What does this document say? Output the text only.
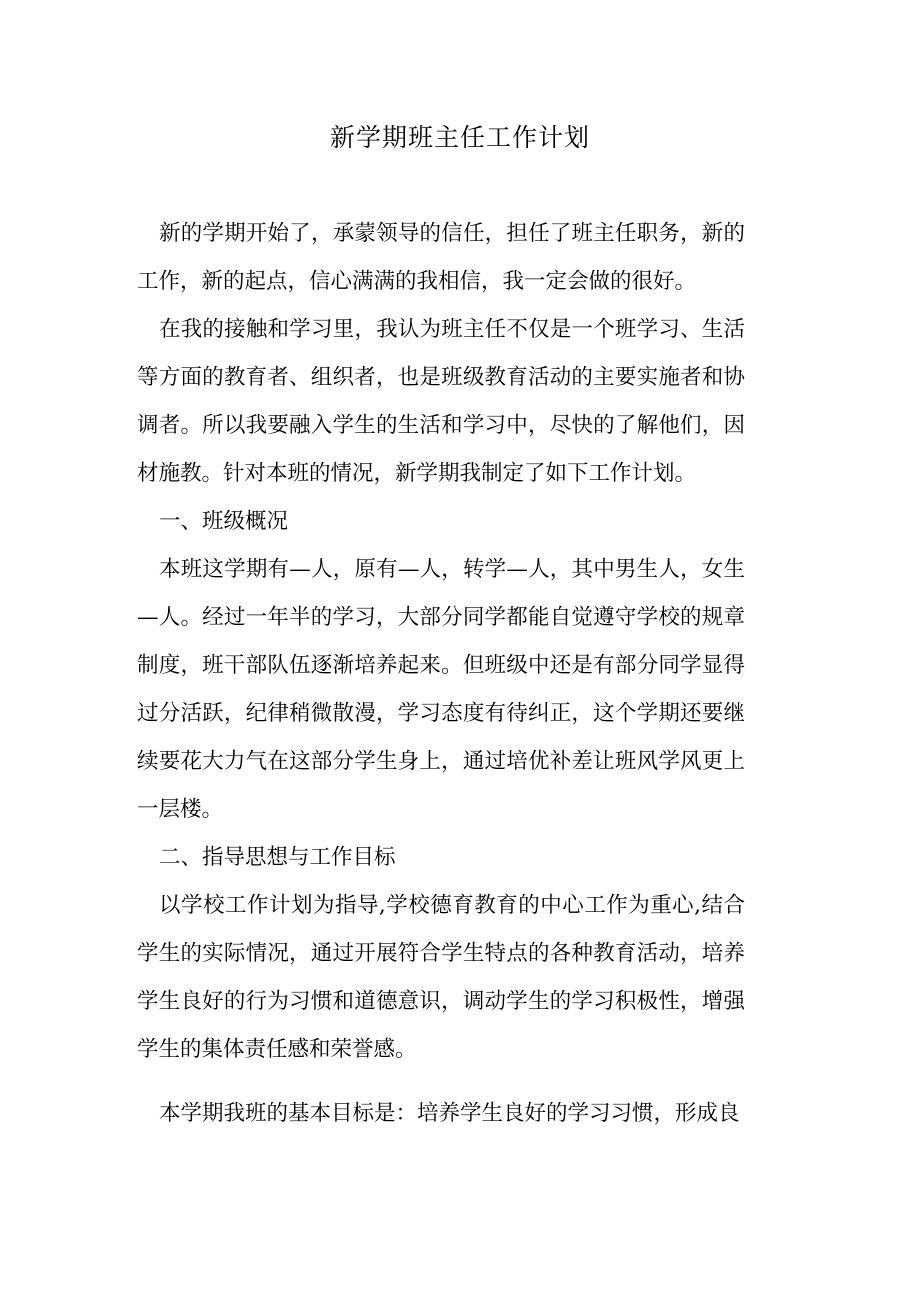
新学期班主任工作计划

新的学期开始了，承蒙领导的信任，担任了班主任职务，新的工作，新的起点，信心满满的我相信，我一定会做的很好。

在我的接触和学习里，我认为班主任不仅是一个班学习、生活等方面的教育者、组织者，也是班级教育活动的主要实施者和协调者。所以我要融入学生的生活和学习中，尽快的了解他们，因材施教。针对本班的情况，新学期我制定了如下工作计划。

一、班级概况

本班这学期有—人，原有—人，转学—人，其中男生人，女生—人。经过一年半的学习，大部分同学都能自觉遵守学校的规章制度，班干部队伍逐渐培养起来。但班级中还是有部分同学显得过分活跃，纪律稍微散漫，学习态度有待纠正，这个学期还要继续要花大力气在这部分学生身上，通过培优补差让班风学风更上一层楼。

二、指导思想与工作目标

以学校工作计划为指导,学校德育教育的中心工作为重心,结合学生的实际情况，通过开展符合学生特点的各种教育活动，培养学生良好的行为习惯和道德意识，调动学生的学习积极性，增强学生的集体责任感和荣誉感。

本学期我班的基本目标是：培养学生良好的学习习惯，形成良
